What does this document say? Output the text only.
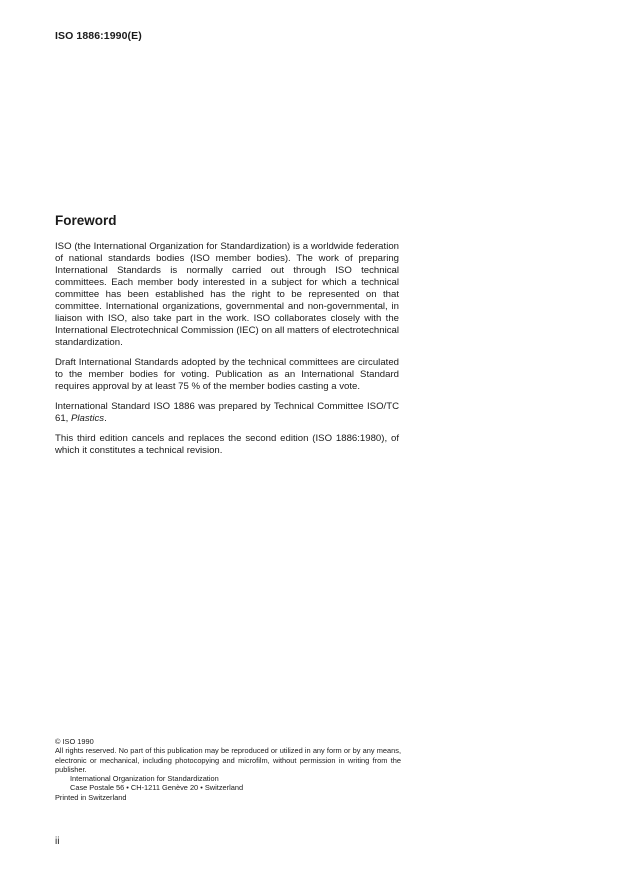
ISO 1886:1990(E)
Foreword

ISO (the International Organization for Standardization) is a worldwide federation of national standards bodies (ISO member bodies). The work of preparing International Standards is normally carried out through ISO technical committees. Each member body interested in a subject for which a technical committee has been established has the right to be represented on that committee. International organizations, governmental and non-governmental, in liaison with ISO, also take part in the work. ISO collaborates closely with the International Electrotechnical Commission (IEC) on all matters of electrotechnical standardization.

Draft International Standards adopted by the technical committees are circulated to the member bodies for voting. Publication as an International Standard requires approval by at least 75 % of the member bodies casting a vote.

International Standard ISO 1886 was prepared by Technical Committee ISO/TC 61, Plastics.

This third edition cancels and replaces the second edition (ISO 1886:1980), of which it constitutes a technical revision.

© ISO 1990
All rights reserved. No part of this publication may be reproduced or utilized in any form or by any means, electronic or mechanical, including photocopying and microfilm, without permission in writing from the publisher.
International Organization for Standardization
Case Postale 56 • CH-1211 Genève 20 • Switzerland
Printed in Switzerland
ii
